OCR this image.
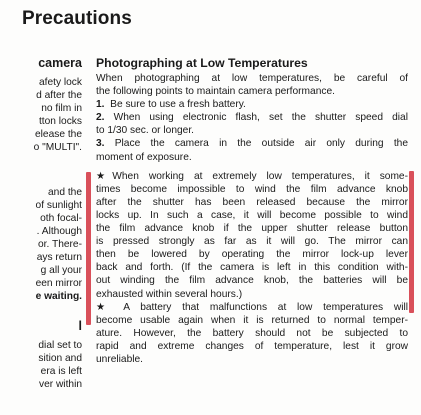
Precautions
camera
afety lock
d after the
no film in
tton locks
elease the
o "MULTI".
and the
of sunlight
oth focal-
. Although
or. There-
ays return
g all your
een mirror
e waiting.
l
dial set to
sition and
era is left
ver within
Photographing at Low Temperatures
When photographing at low temperatures, be careful of
the following points to maintain camera performance.
1. Be sure to use a fresh battery.
2. When using electronic flash, set the shutter speed dial
to 1/30 sec. or longer.
3. Place the camera in the outside air only during the
moment of exposure.
★When working at extremely low temperatures, it some-
times become impossible to wind the film advance knob
after the shutter has been released because the mirror
locks up. In such a case, it will become possible to wind
the film advance knob if the upper shutter release button
is pressed strongly as far as it will go. The mirror can
then be lowered by operating the mirror lock-up lever
back and forth. (If the camera is left in this condition with-
out winding the film advance knob, the batteries will be
exhausted within several hours.)
★ A battery that malfunctions at low temperatures will
become usable again when it is returned to normal temper-
ature. However, the battery should not be subjected to
rapid and extreme changes of temperature, lest it grow
unreliable.
